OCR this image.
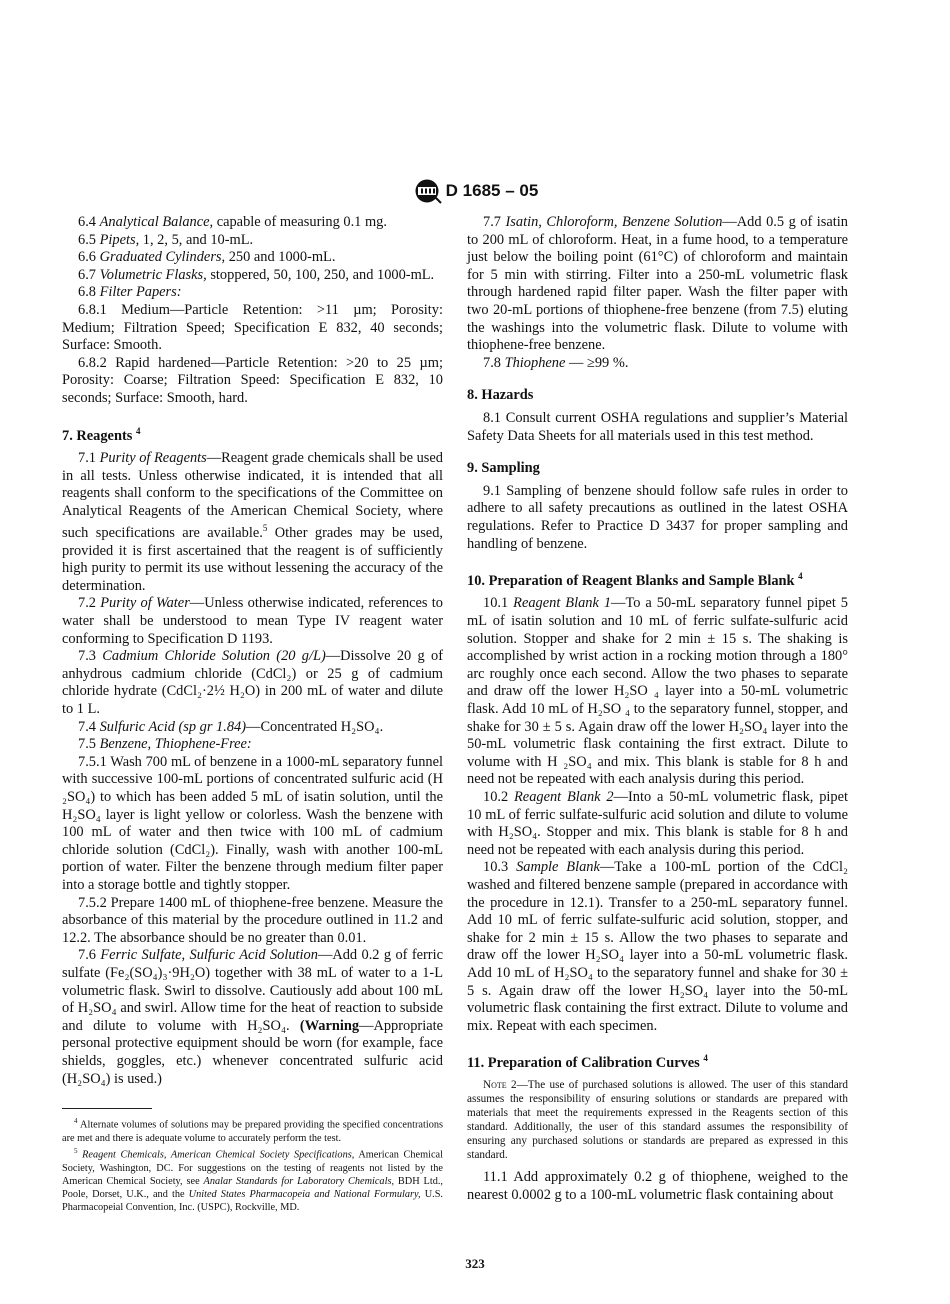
D 1685 – 05

6.4 Analytical Balance, capable of measuring 0.1 mg.

6.5 Pipets, 1, 2, 5, and 10-mL.

6.6 Graduated Cylinders, 250 and 1000-mL.

6.7 Volumetric Flasks, stoppered, 50, 100, 250, and 1000-mL.

6.8 Filter Papers:

6.8.1 Medium—Particle Retention: >11 µm; Porosity: Medium; Filtration Speed; Specification E 832, 40 seconds; Surface: Smooth.

6.8.2 Rapid hardened—Particle Retention: >20 to 25 µm; Porosity: Coarse; Filtration Speed: Specification E 832, 10 seconds; Surface: Smooth, hard.

7. Reagents $^4$

7.1 Purity of Reagents—Reagent grade chemicals shall be used in all tests. Unless otherwise indicated, it is intended that all reagents shall conform to the specifications of the Committee on Analytical Reagents of the American Chemical Society, where such specifications are available.$^5$ Other grades may be used, provided it is first ascertained that the reagent is of sufficiently high purity to permit its use without lessening the accuracy of the determination.

7.2 Purity of Water—Unless otherwise indicated, references to water shall be understood to mean Type IV reagent water conforming to Specification D 1193.

7.3 Cadmium Chloride Solution (20 g/L)—Dissolve 20 g of anhydrous cadmium chloride (CdCl₂) or 25 g of cadmium chloride hydrate (CdCl₂·2½ H₂O) in 200 mL of water and dilute to 1 L.

7.4 Sulfuric Acid (sp gr 1.84)—Concentrated H₂SO₄.

7.5 Benzene, Thiophene-Free:

7.5.1 Wash 700 mL of benzene in a 1000-mL separatory funnel with successive 100-mL portions of concentrated sulfuric acid (H ₂SO₄) to which has been added 5 mL of isatin solution, until the H₂SO₄ layer is light yellow or colorless. Wash the benzene with 100 mL of water and then twice with 100 mL of cadmium chloride solution (CdCl₂). Finally, wash with another 100-mL portion of water. Filter the benzene through medium filter paper into a storage bottle and tightly stopper.

7.5.2 Prepare 1400 mL of thiophene-free benzene. Measure the absorbance of this material by the procedure outlined in 11.2 and 12.2. The absorbance should be no greater than 0.01.

7.6 Ferric Sulfate, Sulfuric Acid Solution—Add 0.2 g of ferric sulfate (Fe₂(SO₄)₃·9H₂O) together with 38 mL of water to a 1-L volumetric flask. Swirl to dissolve. Cautiously add about 100 mL of H₂SO₄ and swirl. Allow time for the heat of reaction to subside and dilute to volume with H₂SO₄. (Warning—Appropriate personal protective equipment should be worn (for example, face shields, goggles, etc.) whenever concentrated sulfuric acid (H₂SO₄) is used.)

$^4$ Alternate volumes of solutions may be prepared providing the specified concentrations are met and there is adequate volume to accurately perform the test.

$^5$ Reagent Chemicals, American Chemical Society Specifications, American Chemical Society, Washington, DC. For suggestions on the testing of reagents not listed by the American Chemical Society, see Analar Standards for Laboratory Chemicals, BDH Ltd., Poole, Dorset, U.K., and the United States Pharmacopeia and National Formulary, U.S. Pharmacopeial Convention, Inc. (USPC), Rockville, MD.

7.7 Isatin, Chloroform, Benzene Solution—Add 0.5 g of isatin to 200 mL of chloroform. Heat, in a fume hood, to a temperature just below the boiling point (61°C) of chloroform and maintain for 5 min with stirring. Filter into a 250-mL volumetric flask through hardened rapid filter paper. Wash the filter paper with two 20-mL portions of thiophene-free benzene (from 7.5) eluting the washings into the volumetric flask. Dilute to volume with thiophene-free benzene.

7.8 Thiophene — ≥99 %.

8. Hazards

8.1 Consult current OSHA regulations and supplier’s Material Safety Data Sheets for all materials used in this test method.

9. Sampling

9.1 Sampling of benzene should follow safe rules in order to adhere to all safety precautions as outlined in the latest OSHA regulations. Refer to Practice D 3437 for proper sampling and handling of benzene.

10. Preparation of Reagent Blanks and Sample Blank $^4$

10.1 Reagent Blank 1—To a 50-mL separatory funnel pipet 5 mL of isatin solution and 10 mL of ferric sulfate-sulfuric acid solution. Stopper and shake for 2 min ± 15 s. The shaking is accomplished by wrist action in a rocking motion through a 180° arc roughly once each second. Allow the two phases to separate and draw off the lower H₂SO ₄ layer into a 50-mL volumetric flask. Add 10 mL of H₂SO ₄ to the separatory funnel, stopper, and shake for 30 ± 5 s. Again draw off the lower H₂SO₄ layer into the 50-mL volumetric flask containing the first extract. Dilute to volume with H ₂SO₄ and mix. This blank is stable for 8 h and need not be repeated with each analysis during this period.

10.2 Reagent Blank 2—Into a 50-mL volumetric flask, pipet 10 mL of ferric sulfate-sulfuric acid solution and dilute to volume with H₂SO₄. Stopper and mix. This blank is stable for 8 h and need not be repeated with each analysis during this period.

10.3 Sample Blank—Take a 100-mL portion of the CdCl₂ washed and filtered benzene sample (prepared in accordance with the procedure in 12.1). Transfer to a 250-mL separatory funnel. Add 10 mL of ferric sulfate-sulfuric acid solution, stopper, and shake for 2 min ± 15 s. Allow the two phases to separate and draw off the lower H₂SO₄ layer into a 50-mL volumetric flask. Add 10 mL of H₂SO₄ to the separatory funnel and shake for 30 ± 5 s. Again draw off the lower H₂SO₄ layer into the 50-mL volumetric flask containing the first extract. Dilute to volume and mix. Repeat with each specimen.

11. Preparation of Calibration Curves $^4$

Note 2—The use of purchased solutions is allowed. The user of this standard assumes the responsibility of ensuring solutions or standards are prepared with materials that meet the requirements expressed in the Reagents section of this standard. Additionally, the user of this standard assumes the responsibility of ensuring any purchased solutions or standards are prepared as expressed in this standard.

11.1 Add approximately 0.2 g of thiophene, weighed to the nearest 0.0002 g to a 100-mL volumetric flask containing about

323
